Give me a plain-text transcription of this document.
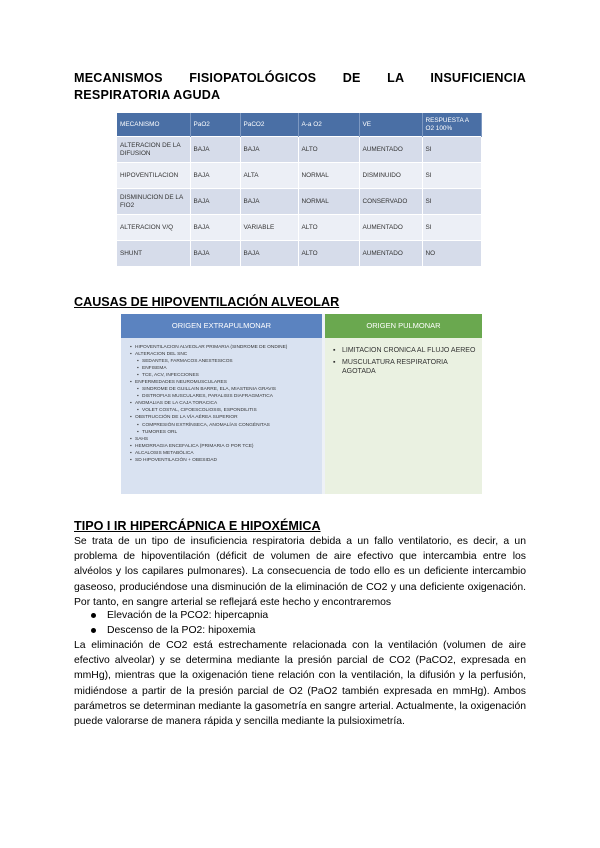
MECANISMOS FISIOPATOLÓGICOS DE LA INSUFICIENCIA RESPIRATORIA AGUDA
MECANISMO	PaO2	PaCO2	A-a O2	VE	RESPUESTA A O2 100%
ALTERACION DE LA DIFUSION	BAJA	BAJA	ALTO	AUMENTADO	SI
HIPOVENTILACION	BAJA	ALTA	NORMAL	DISMINUIDO	SI
DISMINUCION DE LA FIO2	BAJA	BAJA	NORMAL	CONSERVADO	SI
ALTERACION V/Q	BAJA	VARIABLE	ALTO	AUMENTADO	SI
SHUNT	BAJA	BAJA	ALTO	AUMENTADO	NO
CAUSAS DE HIPOVENTILACIÓN ALVEOLAR
ORIGEN EXTRAPULMONAR
▪ HIPOVENTILACION ALVEOLAR PRIMARIA (SINDROME DE ONDINE)
▪ ALTERACION DEL SNC
▪ SEDANTES, FARMACOS ANESTESICOS
▪ ENFISEMA
▪ TCE, ACV, INFECCIONES
▪ ENFERMEDADES NEUROMUSCULARES
▪ SINDROME DE GUILLAIN BARRE, ELA, MIASTENIA GRAVIS
▪ DISTROFIAS MUSCULARES, PARALISIS DIAFRAGMATICA
▪ ANOMALIAS DE LA CAJA TORACICA
▪ VOLET COSTAL, CIFOESCOLIOSIS, ESPONDILITIS
▪ OBSTRUCCIÓN DE LA VÍA AÉREA SUPERIOR
▪ COMPRESIÓN EXTRÍNSECA, ANOMALÍAS CONGÉNITAS
▪ TUMORES ORL
▪ SAHS
▪ HEMORRAGIA ENCEFALICA (PRIMARIA O POR TCE)
▪ ALCALOSIS METABÓLICA
▪ SD HIPOVENTILACIÓN + OBESIDAD
ORIGEN PULMONAR
▪ LIMITACION CRONICA AL FLUJO AEREO
▪ MUSCULATURA RESPIRATORIA AGOTADA
TIPO I IR HIPERCÁPNICA E HIPOXÉMICA
Se trata de un tipo de insuficiencia respiratoria debida a un fallo ventilatorio, es decir, a un problema de hipoventilación (déficit de volumen de aire efectivo que intercambia entre los alvéolos y los capilares pulmonares). La consecuencia de todo ello es un deficiente intercambio gaseoso, produciéndose una disminución de la eliminación de CO2 y una deficiente oxigenación. Por tanto, en sangre arterial se reflejará este hecho y encontraremos
Elevación de la PCO2: hipercapnia
Descenso de la PO2: hipoxemia
La eliminación de CO2 está estrechamente relacionada con la ventilación (volumen de aire efectivo alveolar) y se determina mediante la presión parcial de CO2 (PaCO2, expresada en mmHg), mientras que la oxigenación tiene relación con la ventilación, la difusión y la perfusión, midiéndose a partir de la presión parcial de O2 (PaO2 también expresada en mmHg). Ambos parámetros se determinan mediante la gasometría en sangre arterial. Actualmente, la oxigenación puede valorarse de manera rápida y sencilla mediante la pulsioximetría.
